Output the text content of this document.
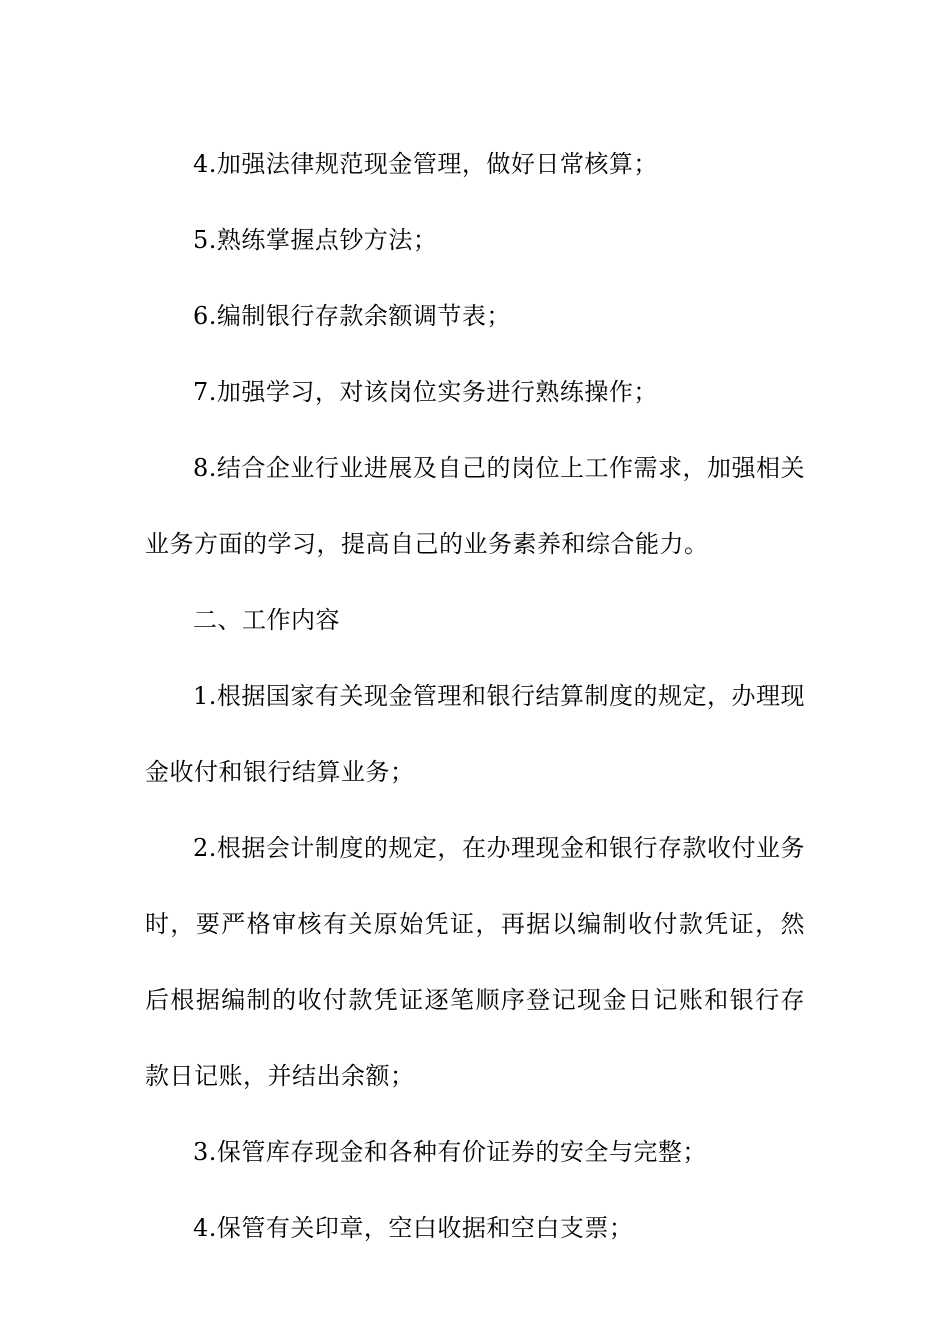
4.加强法律规范现金管理，做好日常核算；

5.熟练掌握点钞方法；

6.编制银行存款余额调节表；

7.加强学习，对该岗位实务进行熟练操作；

8.结合企业行业进展及自己的岗位上工作需求，加强相关业务方面的学习，提高自己的业务素养和综合能力。

二、工作内容

1.根据国家有关现金管理和银行结算制度的规定，办理现金收付和银行结算业务；

2.根据会计制度的规定，在办理现金和银行存款收付业务时，要严格审核有关原始凭证，再据以编制收付款凭证，然后根据编制的收付款凭证逐笔顺序登记现金日记账和银行存款日记账，并结出余额；

3.保管库存现金和各种有价证券的安全与完整；

4.保管有关印章，空白收据和空白支票；
